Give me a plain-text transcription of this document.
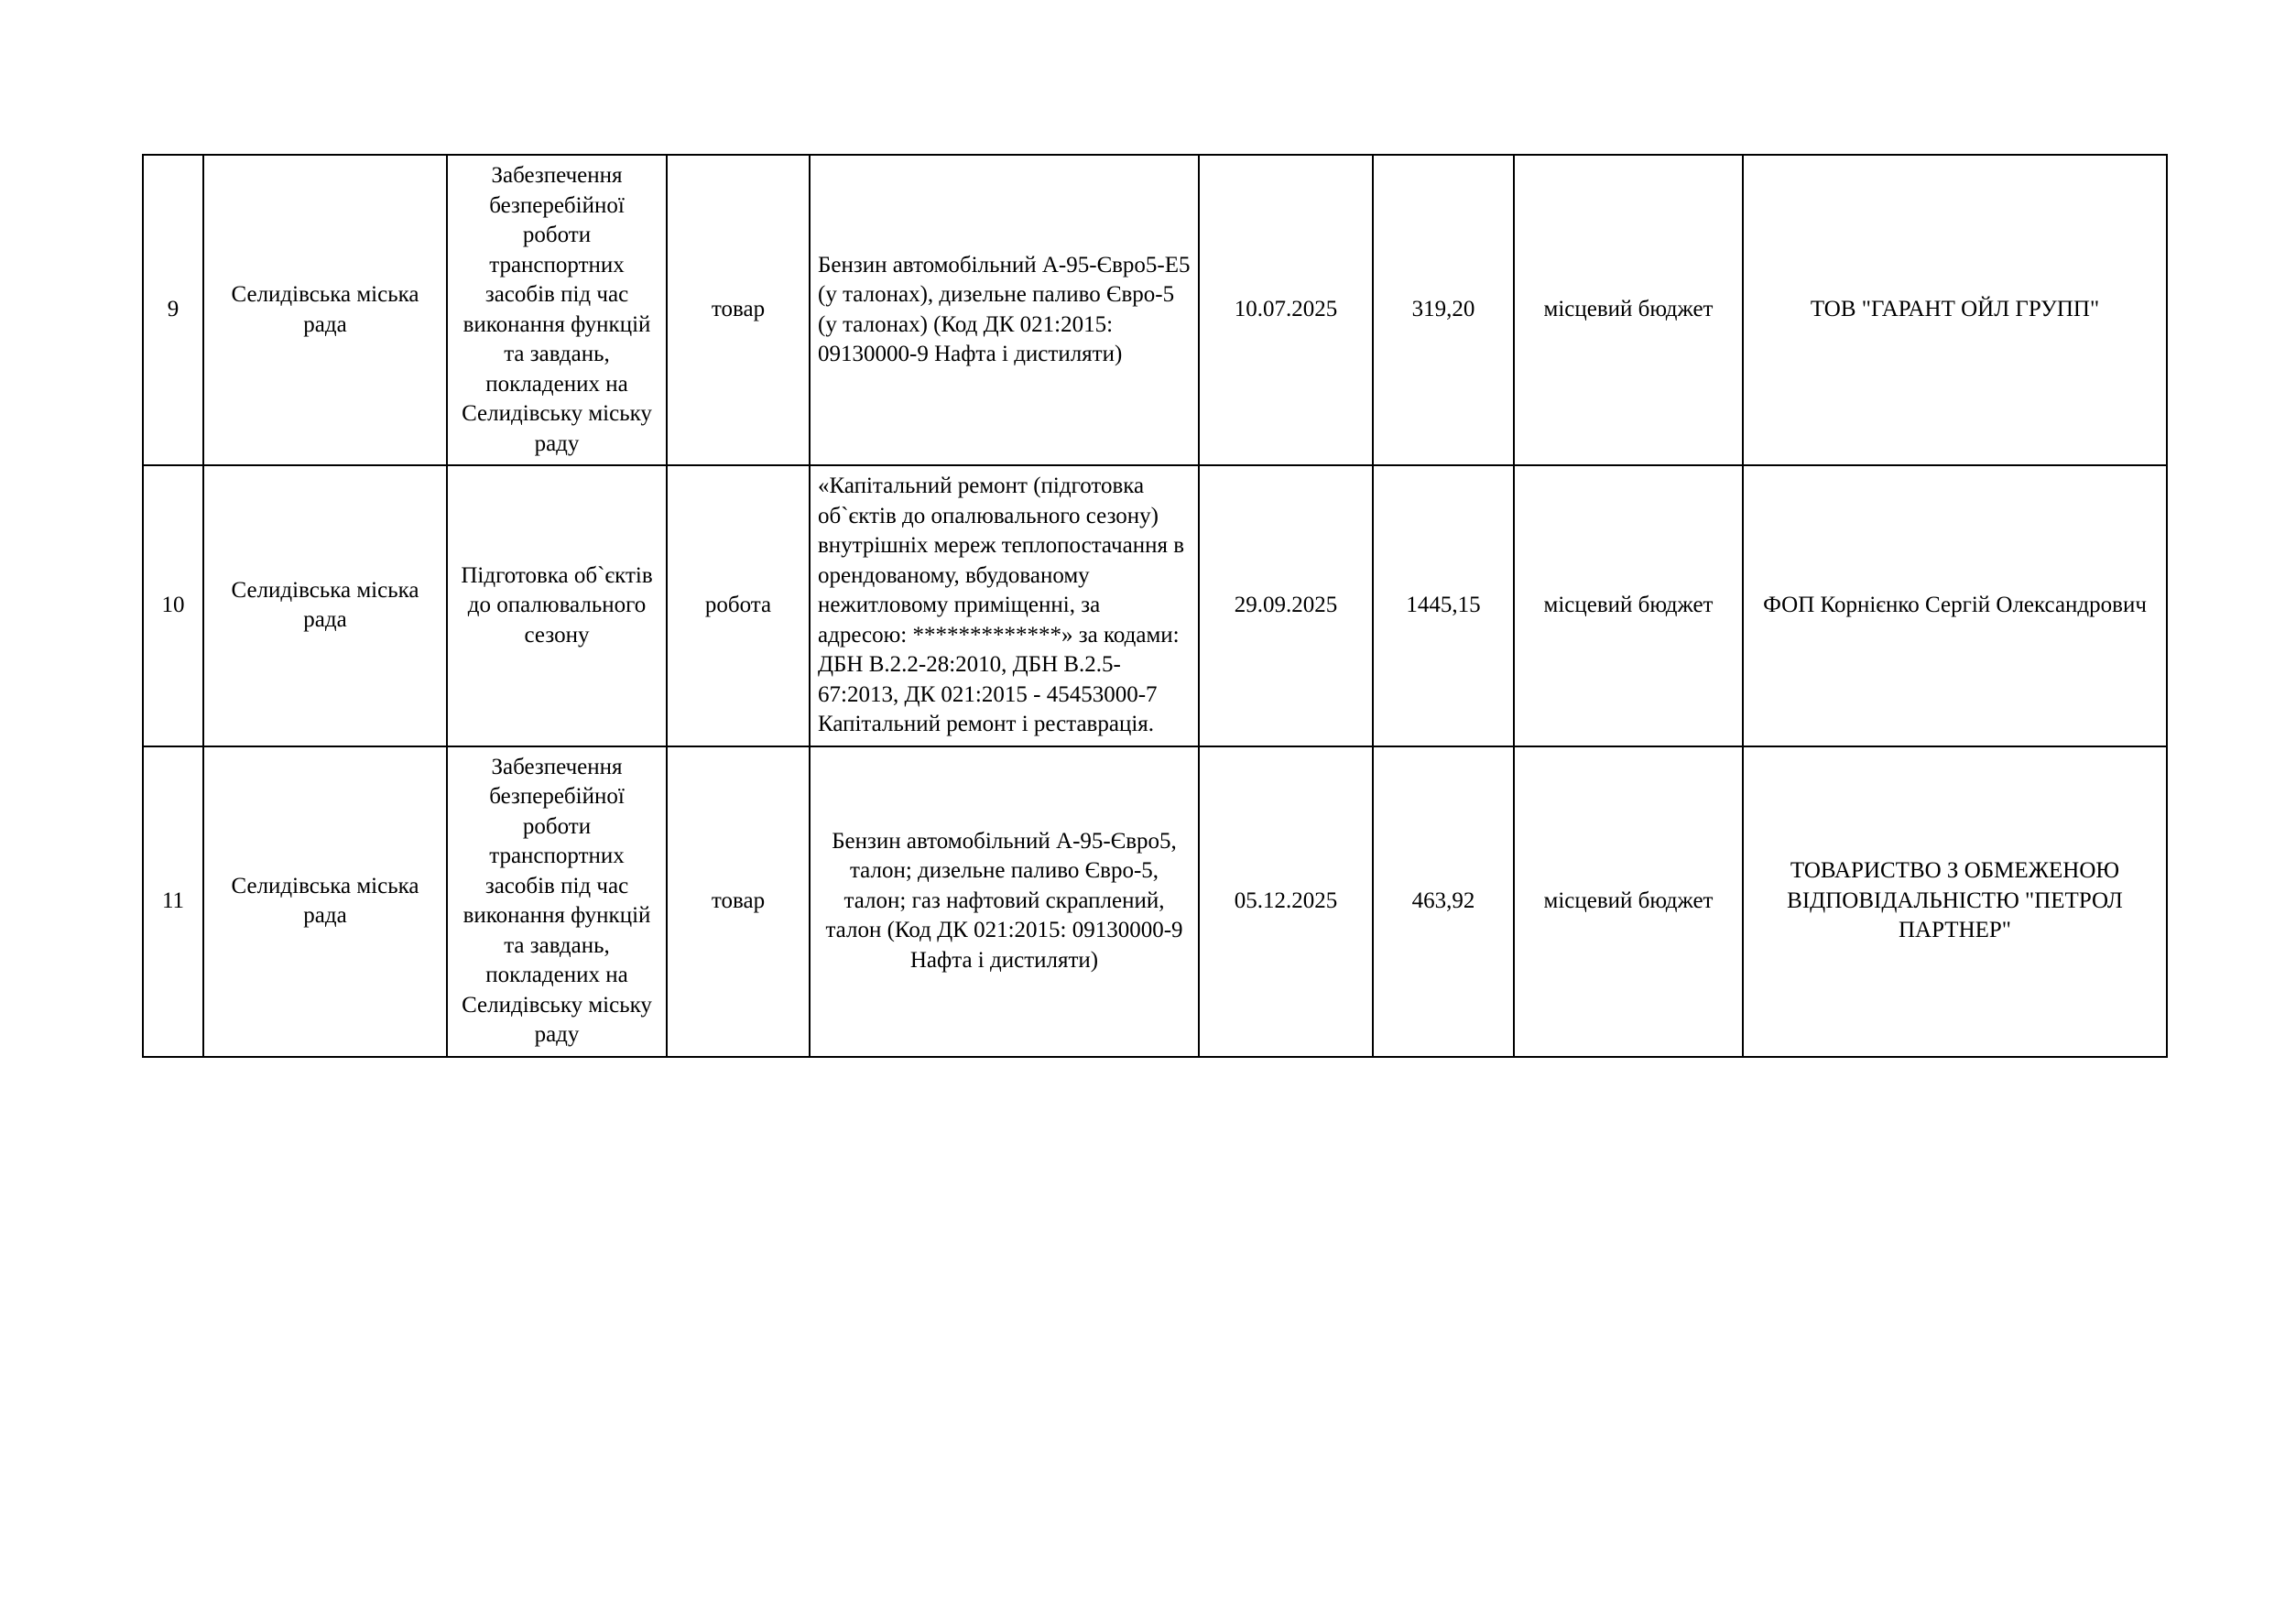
9	Селидівська міська рада	Забезпечення безперебійної роботи транспортних засобів під час виконання функцій та завдань, покладених на Селидівську міську раду	товар	Бензин автомобільний А-95-Євро5-Е5 (у талонах), дизельне паливо Євро-5 (у талонах) (Код ДК 021:2015: 09130000-9 Нафта і дистиляти)	10.07.2025	319,20	місцевий бюджет	ТОВ "ГАРАНТ ОЙЛ ГРУПП"
10	Селидівська міська рада	Підготовка об`єктів до опалювального сезону	робота	«Капітальний ремонт (підготовка об`єктів до опалювального сезону) внутрішніх мереж теплопостачання в орендованому, вбудованому нежитловому приміщенні, за адресою: *************» за кодами: ДБН В.2.2-28:2010, ДБН В.2.5-67:2013, ДК 021:2015 - 45453000-7 Капітальний ремонт і реставрація.	29.09.2025	1445,15	місцевий бюджет	ФОП Корнієнко Сергій Олександрович
11	Селидівська міська рада	Забезпечення безперебійної роботи транспортних засобів під час виконання функцій та завдань, покладених на Селидівську міську раду	товар	Бензин автомобільний А-95-Євро5, талон; дизельне паливо Євро-5, талон; газ нафтовий скраплений, талон (Код ДК 021:2015: 09130000-9 Нафта і дистиляти)	05.12.2025	463,92	місцевий бюджет	ТОВАРИСТВО З ОБМЕЖЕНОЮ ВІДПОВІДАЛЬНІСТЮ "ПЕТРОЛ ПАРТНЕР"
